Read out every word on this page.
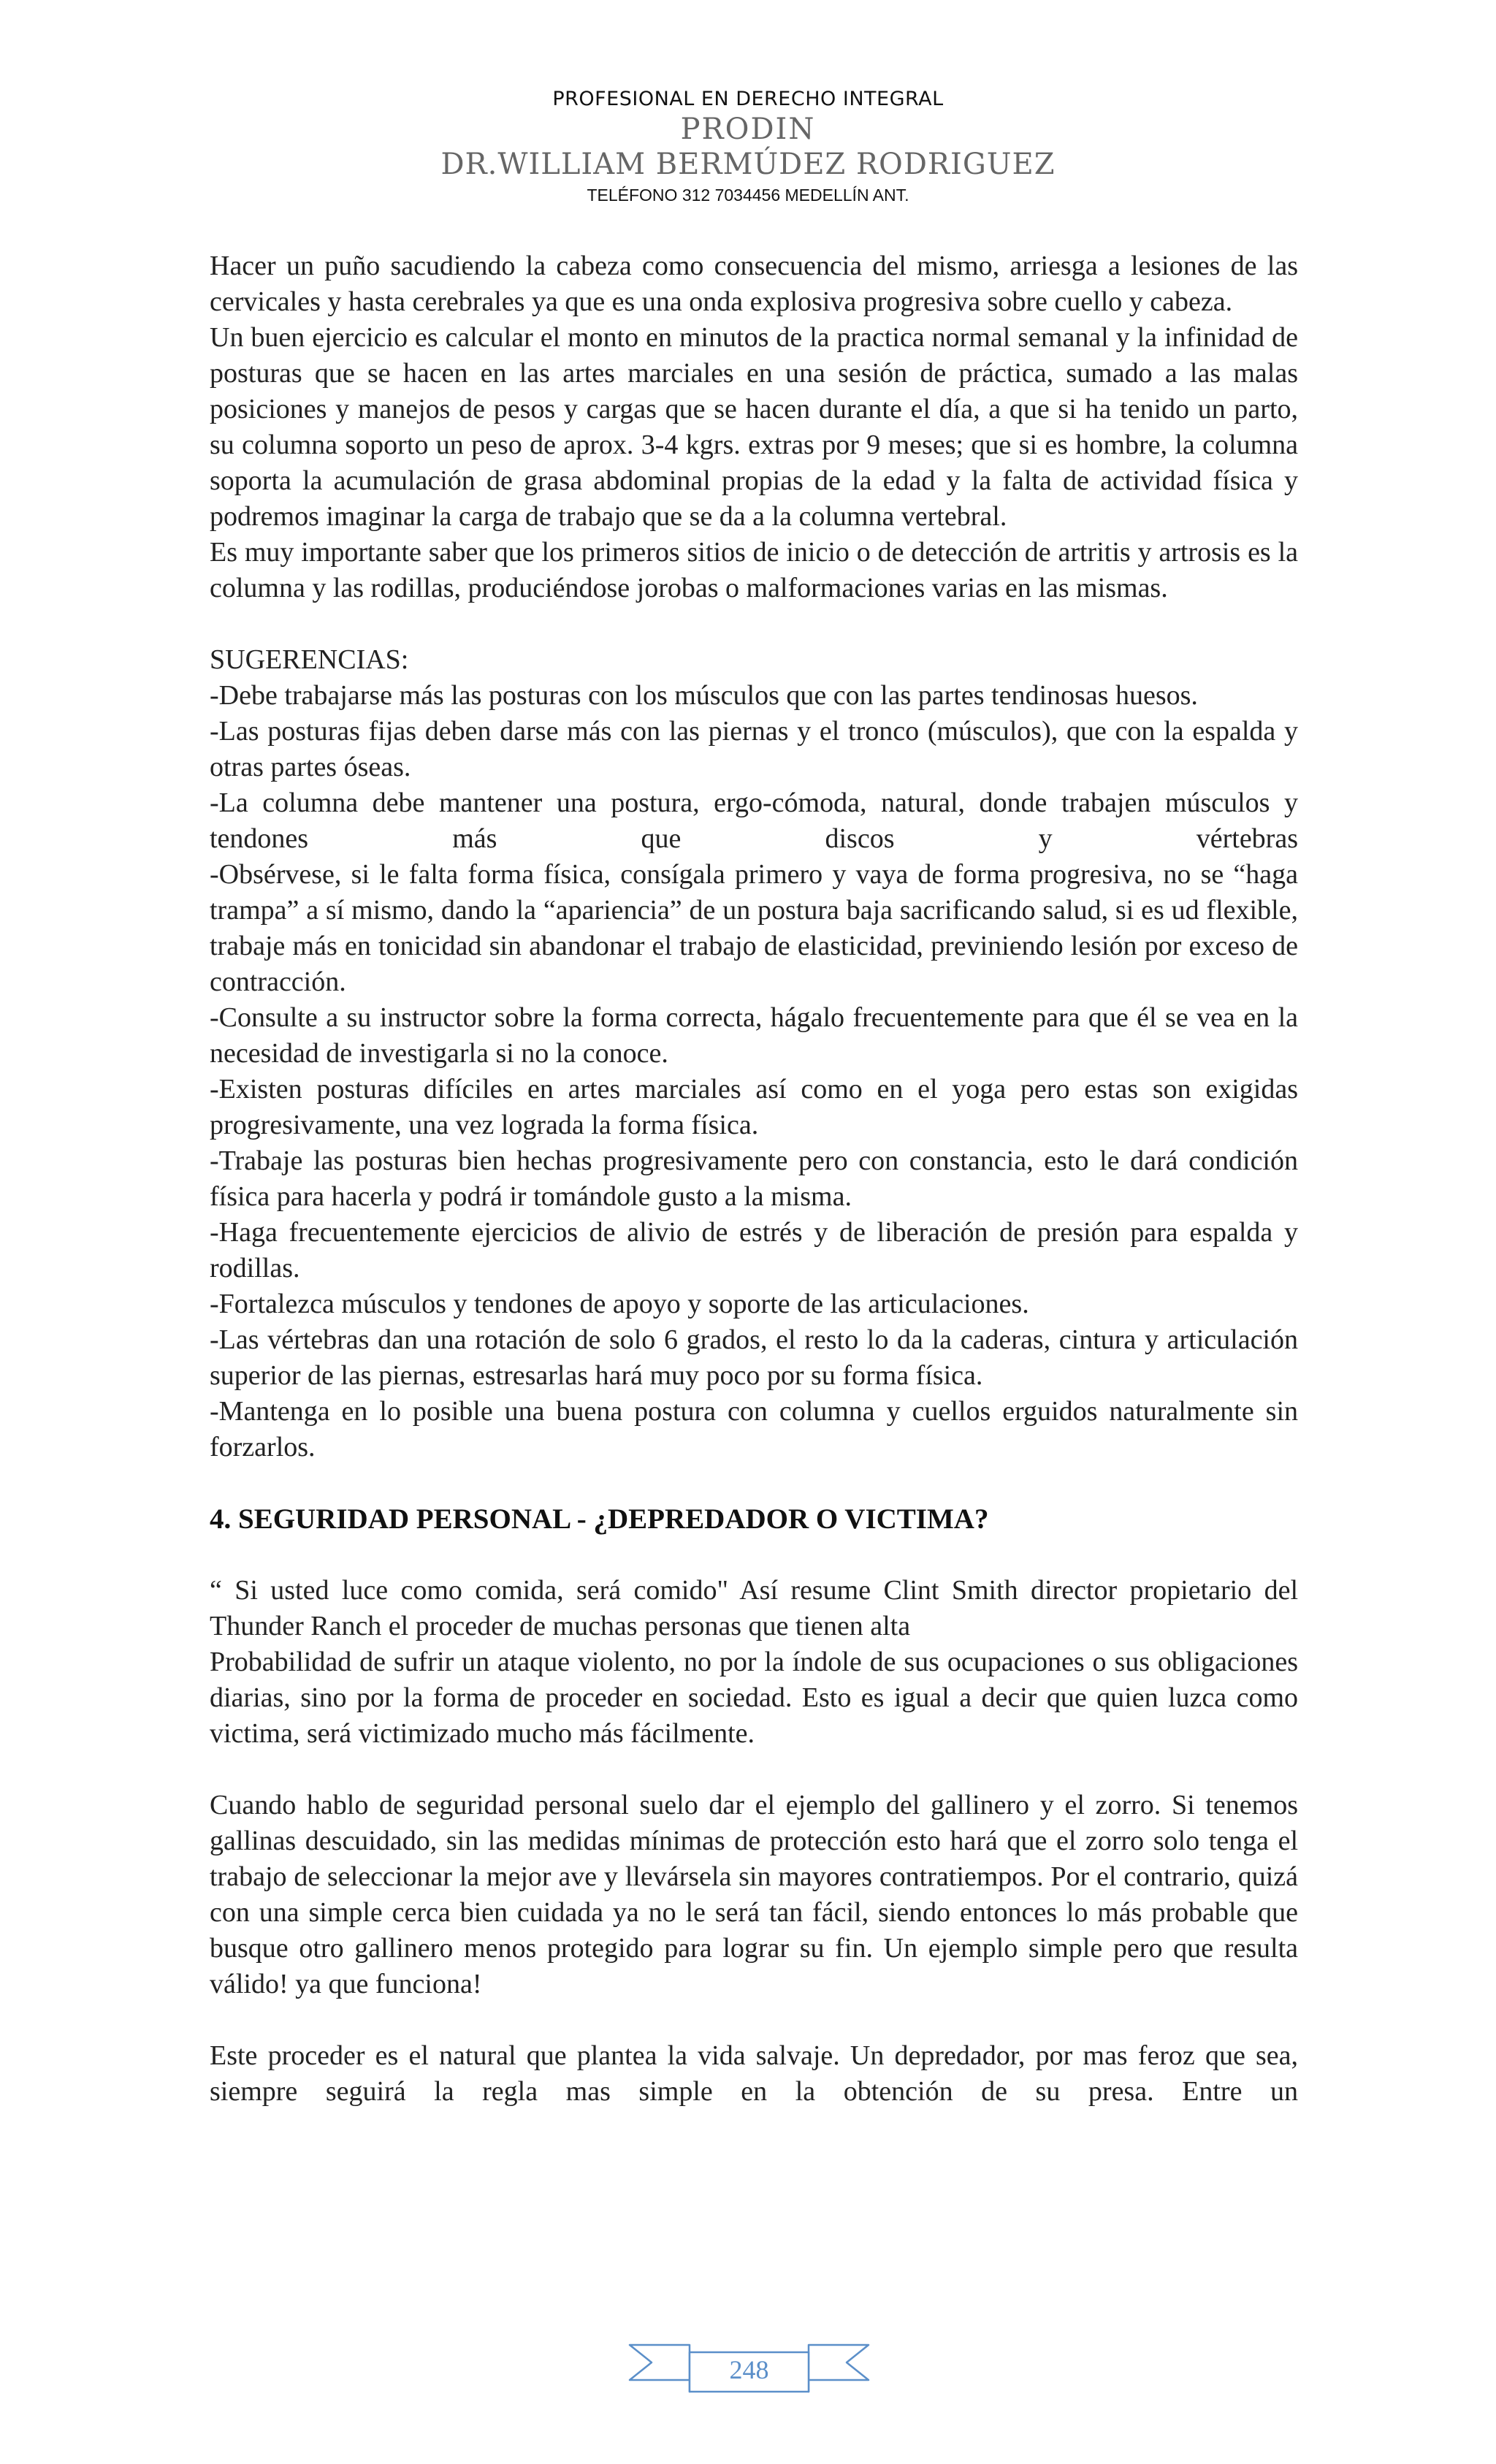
PROFESIONAL EN DERECHO INTEGRAL
PRODIN
DR.WILLIAM BERMÚDEZ RODRIGUEZ
TELÉFONO 312 7034456 MEDELLÍN ANT.

Hacer un puño sacudiendo la cabeza como consecuencia del mismo, arriesga a lesiones de las cervicales y hasta cerebrales ya que es una onda explosiva progresiva sobre cuello y cabeza.

Un buen ejercicio es calcular el monto en minutos de la practica normal semanal y la infinidad de posturas que se hacen en las artes marciales en una sesión de práctica, sumado a las malas posiciones y manejos de pesos y cargas que se hacen durante el día, a que si ha tenido un parto, su columna soporto un peso de aprox. 3-4 kgrs. extras por 9 meses; que si es hombre, la columna soporta la acumulación de grasa abdominal propias de la edad y la falta de actividad física y podremos imaginar la carga de trabajo que se da a la columna vertebral.

Es muy importante saber que los primeros sitios de inicio o de detección de artritis y artrosis es la columna y las rodillas, produciéndose jorobas o malformaciones varias en las mismas.

SUGERENCIAS:

-Debe trabajarse más las posturas con los músculos que con las partes tendinosas huesos.

-Las posturas fijas deben darse más con las piernas y el tronco (músculos), que con la espalda y otras partes óseas.

-La columna debe mantener una postura, ergo-cómoda, natural, donde trabajen músculos y tendones más que discos y vértebras

-Obsérvese, si le falta forma física, consígala primero y vaya de forma progresiva, no se “haga trampa” a sí mismo, dando la “apariencia” de un postura baja sacrificando salud, si es ud flexible, trabaje más en tonicidad sin abandonar el trabajo de elasticidad, previniendo lesión por exceso de contracción.

-Consulte a su instructor sobre la forma correcta, hágalo frecuentemente para que él se vea en la necesidad de investigarla si no la conoce.

-Existen posturas difíciles en artes marciales así como en el yoga pero estas son exigidas progresivamente, una vez lograda la forma física.

-Trabaje las posturas bien hechas progresivamente pero con constancia, esto le dará condición física para hacerla y podrá ir tomándole gusto a la misma.

-Haga frecuentemente ejercicios de alivio de estrés y de liberación de presión para espalda y rodillas.

-Fortalezca músculos y tendones de apoyo y soporte de las articulaciones.

-Las vértebras dan una rotación de solo 6 grados, el resto lo da la caderas, cintura y articulación superior de las piernas, estresarlas hará muy poco por su forma física.

-Mantenga en lo posible una buena postura con columna y cuellos erguidos naturalmente sin forzarlos.

4. SEGURIDAD PERSONAL - ¿DEPREDADOR O VICTIMA?

“ Si usted luce como comida, será comido" Así resume Clint Smith director propietario del Thunder Ranch el proceder de muchas personas que tienen alta

Probabilidad de sufrir un ataque violento, no por la índole de sus ocupaciones o sus obligaciones diarias, sino por la forma de proceder en sociedad. Esto es igual a decir que quien luzca como victima, será victimizado mucho más fácilmente.

Cuando hablo de seguridad personal suelo dar el ejemplo del gallinero y el zorro. Si tenemos gallinas descuidado, sin las medidas mínimas de protección esto hará que el zorro solo tenga el trabajo de seleccionar la mejor ave y llevársela sin mayores contratiempos. Por el contrario, quizá con una simple cerca bien cuidada ya no le será tan fácil, siendo entonces lo más probable que busque otro gallinero menos protegido para lograr su fin. Un ejemplo simple pero que resulta válido! ya que funciona!

Este proceder es el natural que plantea la vida salvaje. Un depredador, por mas feroz que sea, siempre seguirá la regla mas simple en la obtención de su presa. Entre un

248
